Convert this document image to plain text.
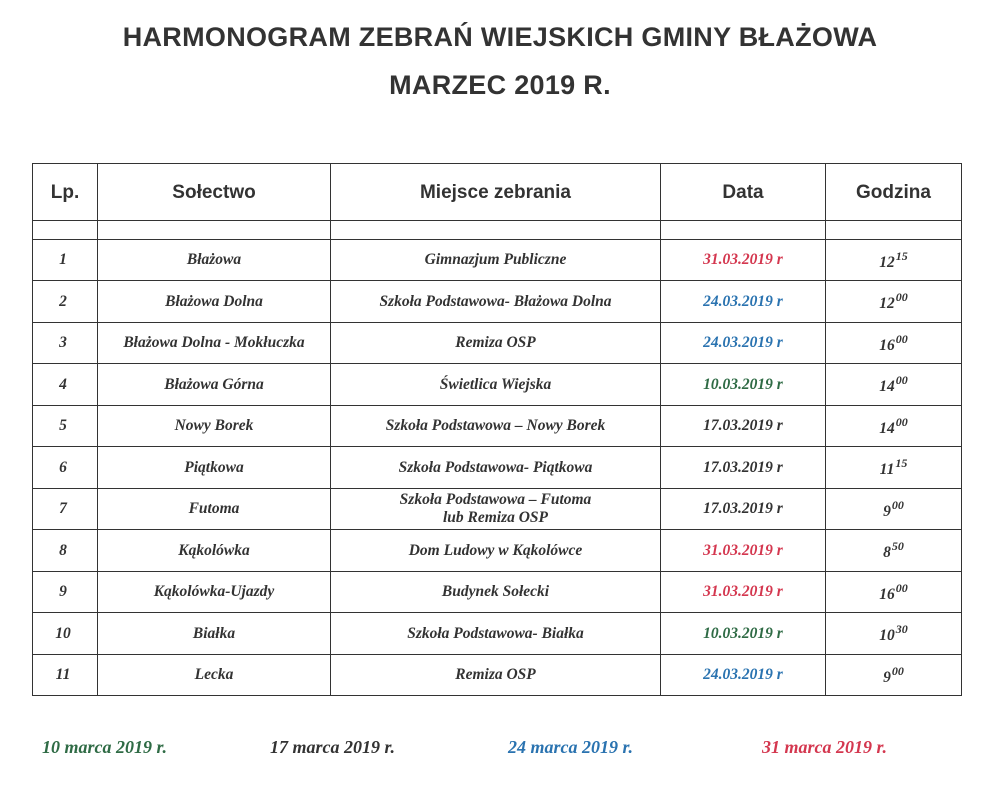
HARMONOGRAM ZEBRAŃ WIEJSKICH GMINY BŁAŻOWA
MARZEC 2019 R.
Lp.	Sołectwo	Miejsce zebrania	Data	Godzina

1	Błażowa	Gimnazjum Publiczne	31.03.2019 r	$12^{15}$
2	Błażowa Dolna	Szkoła Podstawowa- Błażowa Dolna	24.03.2019 r	$12^{00}$
3	Błażowa Dolna - Mokłuczka	Remiza OSP	24.03.2019 r	$16^{00}$
4	Błażowa Górna	Świetlica Wiejska	10.03.2019 r	$14^{00}$
5	Nowy Borek	Szkoła Podstawowa – Nowy Borek	17.03.2019 r	$14^{00}$
6	Piątkowa	Szkoła Podstawowa- Piątkowa	17.03.2019 r	$11^{15}$
7	Futoma	Szkoła Podstawowa – Futoma
lub Remiza OSP	17.03.2019 r	$9^{00}$
8	Kąkolówka	Dom Ludowy w Kąkolówce	31.03.2019 r	$8^{50}$
9	Kąkolówka-Ujazdy	Budynek Sołecki	31.03.2019 r	$16^{00}$
10	Białka	Szkoła Podstawowa- Białka	10.03.2019 r	$10^{30}$
11	Lecka	Remiza OSP	24.03.2019 r	$9^{00}$
10 marca 2019 r.	17 marca 2019 r.	24 marca 2019 r.	31 marca 2019 r.
